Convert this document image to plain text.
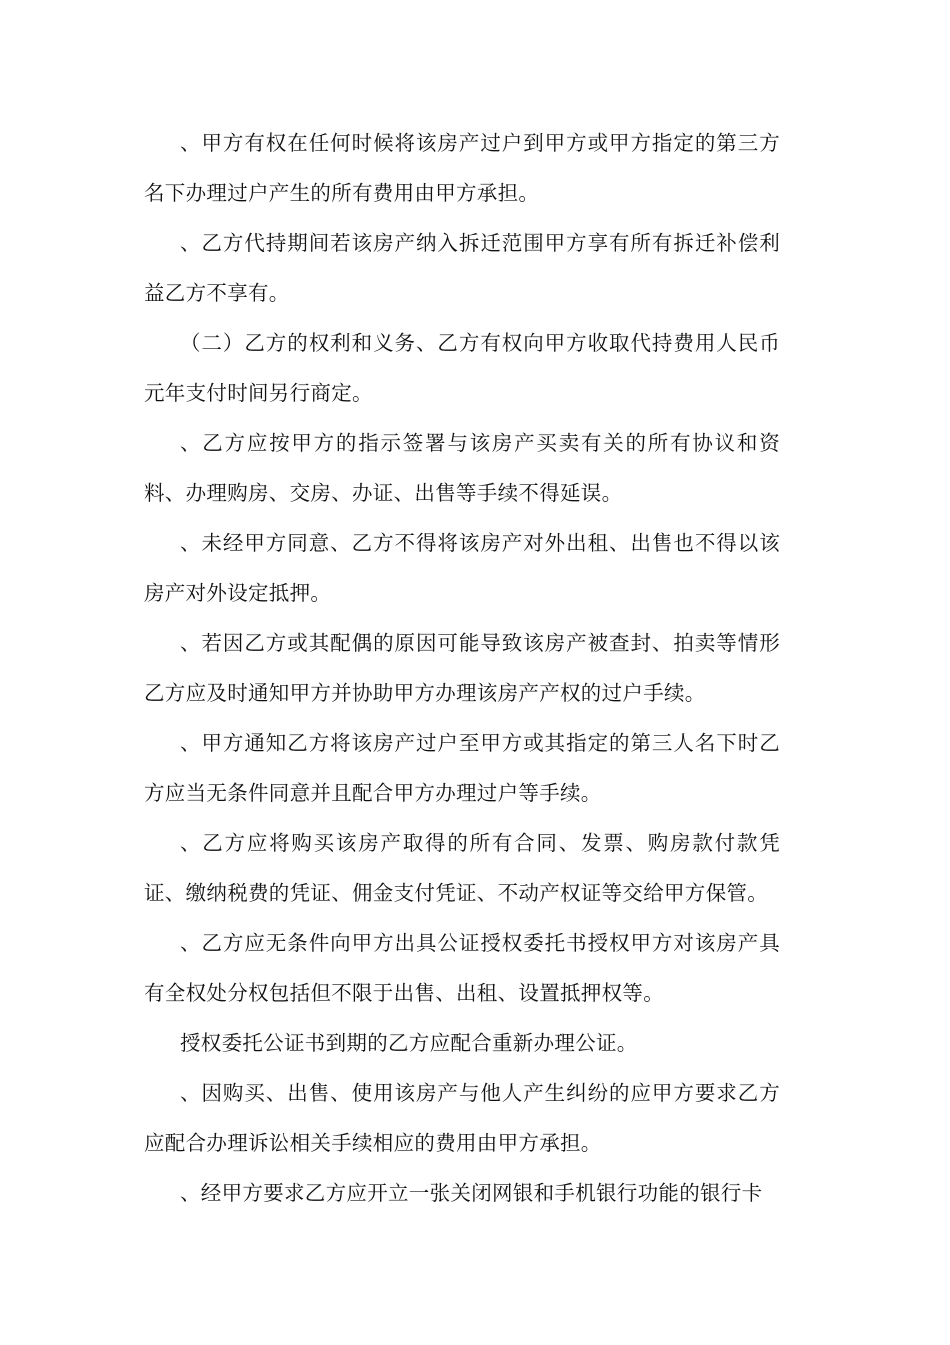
、甲方有权在任何时候将该房产过户到甲方或甲方指定的第三方名下办理过户产生的所有费用由甲方承担。

、乙方代持期间若该房产纳入拆迁范围甲方享有所有拆迁补偿利益乙方不享有。

（二）乙方的权利和义务、乙方有权向甲方收取代持费用人民币元年支付时间另行商定。

、乙方应按甲方的指示签署与该房产买卖有关的所有协议和资料、办理购房、交房、办证、出售等手续不得延误。

、未经甲方同意、乙方不得将该房产对外出租、出售也不得以该房产对外设定抵押。

、若因乙方或其配偶的原因可能导致该房产被查封、拍卖等情形乙方应及时通知甲方并协助甲方办理该房产产权的过户手续。

、甲方通知乙方将该房产过户至甲方或其指定的第三人名下时乙方应当无条件同意并且配合甲方办理过户等手续。

、乙方应将购买该房产取得的所有合同、发票、购房款付款凭证、缴纳税费的凭证、佣金支付凭证、不动产权证等交给甲方保管。

、乙方应无条件向甲方出具公证授权委托书授权甲方对该房产具有全权处分权包括但不限于出售、出租、设置抵押权等。

授权委托公证书到期的乙方应配合重新办理公证。

、因购买、出售、使用该房产与他人产生纠纷的应甲方要求乙方应配合办理诉讼相关手续相应的费用由甲方承担。

、经甲方要求乙方应开立一张关闭网银和手机银行功能的银行卡
